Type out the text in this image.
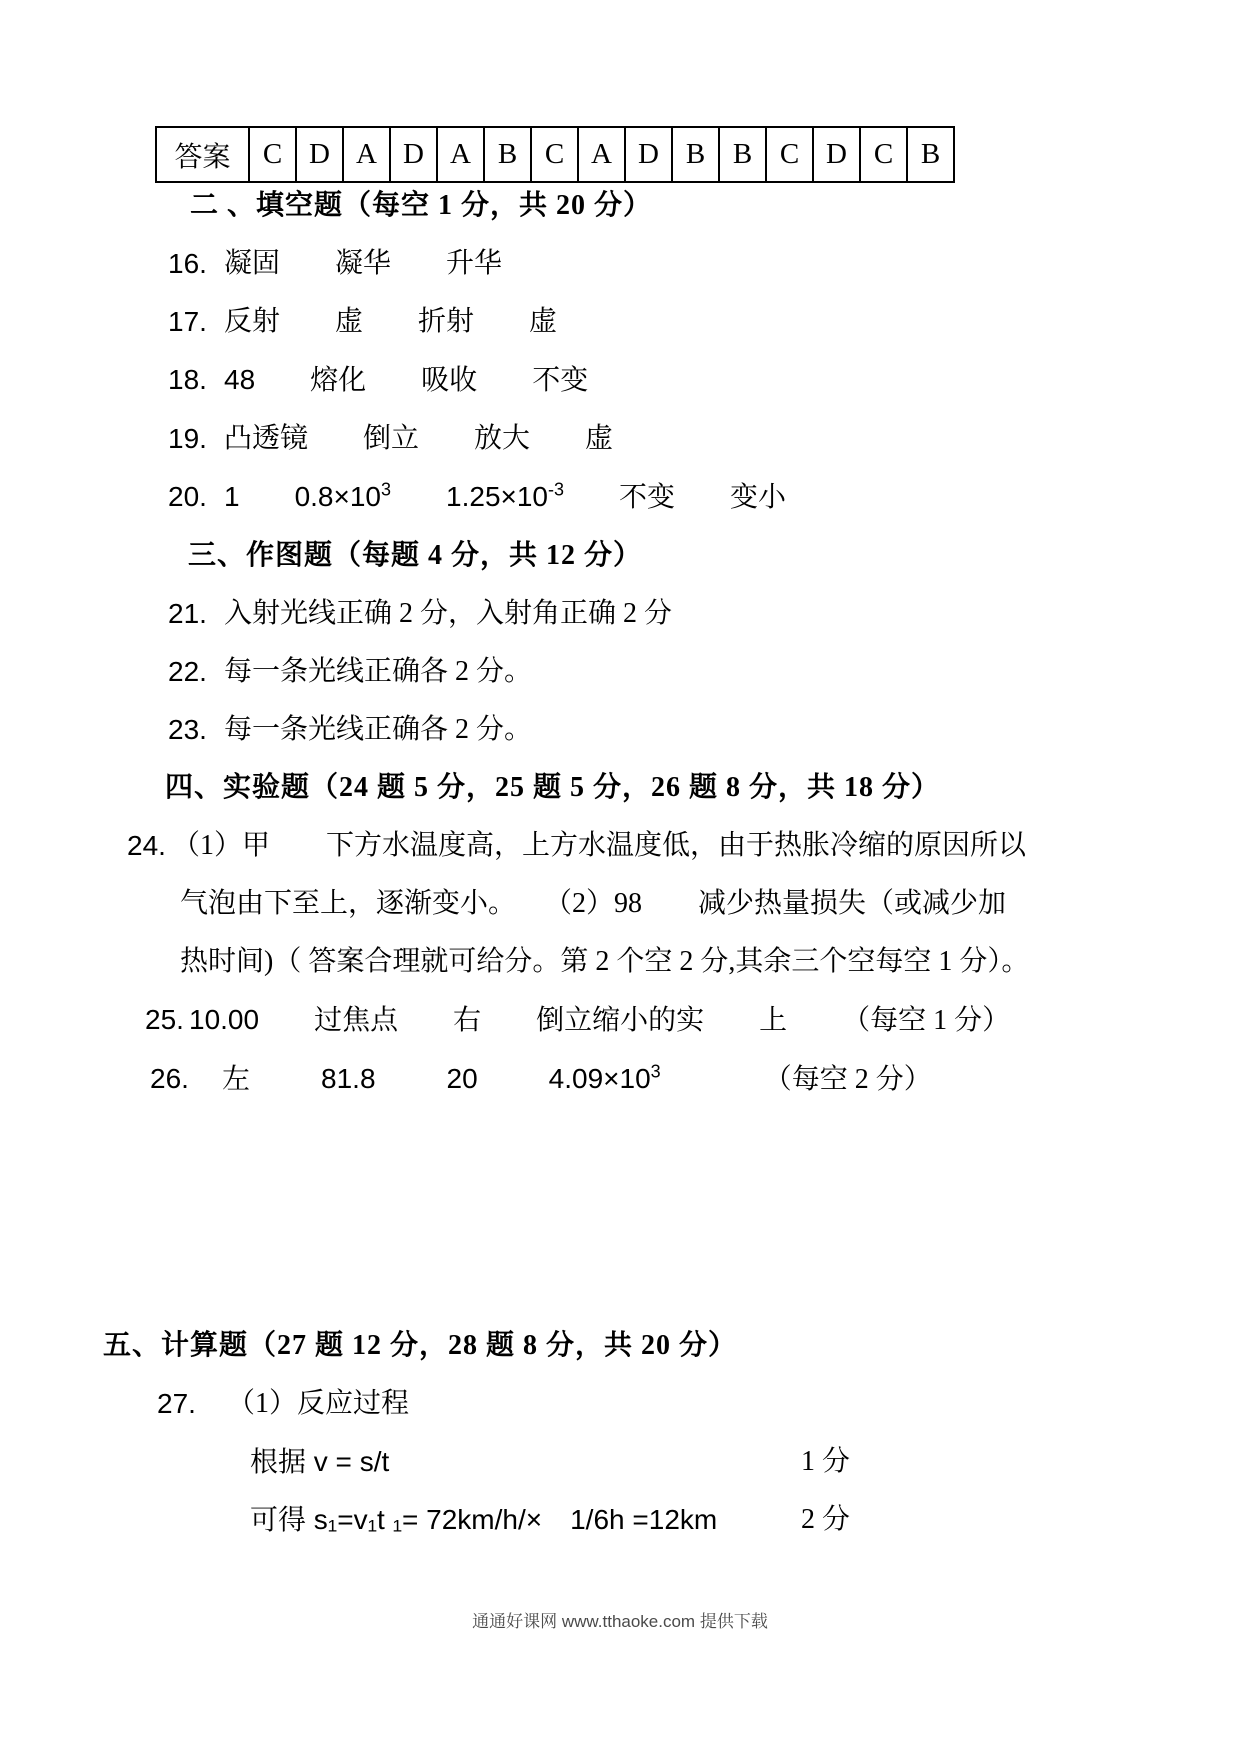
答案	C	D	A	D	A	B	C	A	D	B	B	C	D	C	B
二 、填空题（每空 1 分，共 20 分）
16. 凝固 凝华 升华
17. 反射 虚 折射 虚
18. 48 熔化 吸收 不变
19. 凸透镜 倒立 放大 虚
20. 1 $0.8\times 10^3$ $1.25\times 10^{-3}$ 不变 变小
三、作图题（每题 4 分，共 12 分）
21. 入射光线正确 2 分，入射角正确 2 分
22. 每一条光线正确各 2 分。
23. 每一条光线正确各 2 分。
四、实验题（24 题 5 分，25 题 5 分，26 题 8 分，共 18 分）
24. （1）甲　　下方水温度高，上方水温度低，由于热胀冷缩的原因所以
气泡由下至上，逐渐变小。　　（2）98　　减少热量损失（或减少加
热时间)（ 答案合理就可给分。第 2 个空 2 分,其余三个空每空 1 分）。
25. 10.00 过焦点 右 倒立缩小的实 上 （每空 1 分）
26.	左	81.8	20	$4.09\times 10^3$	（每空 2 分）
五、计算题（27 题 12 分，28 题 8 分，共 20 分）
27.	（1）反应过程
根据 v = s/t	1 分
可得 s₁=v₁t ₁= 72km/h/×　1/6h =12km	2 分
通通好课网 www.tthaoke.com 提供下载
